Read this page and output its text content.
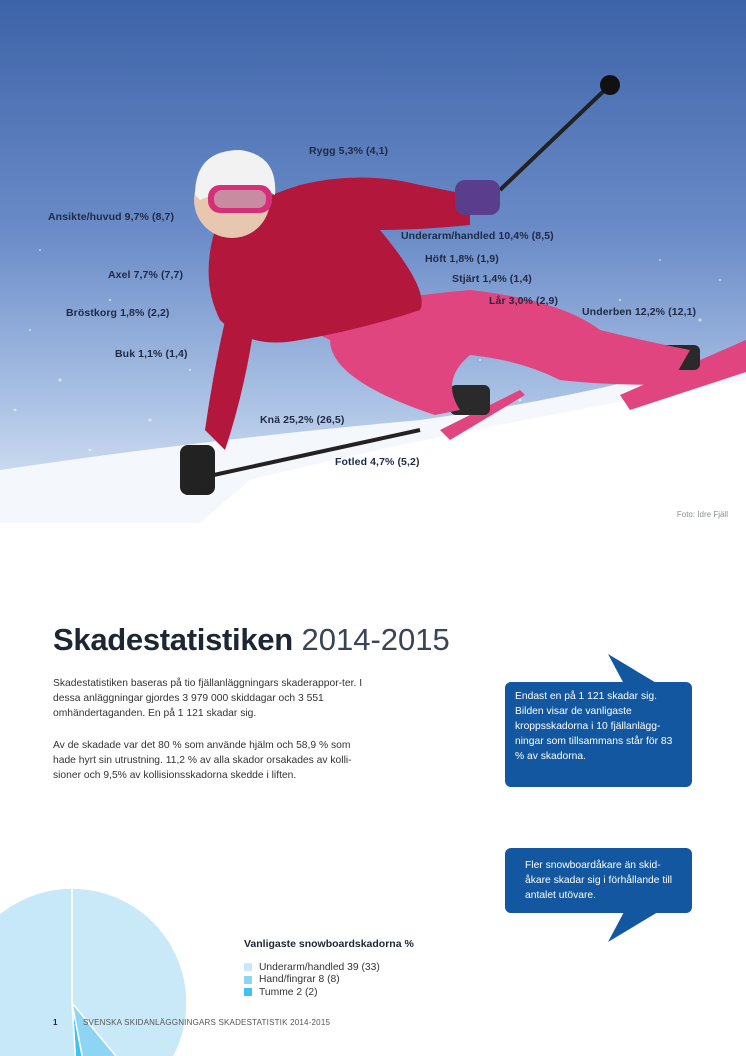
Rygg 5,3% (4,1)
Ansikte/huvud 9,7% (8,7)
Underarm/handled 10,4% (8,5)
Höft 1,8% (1,9)
Axel 7,7% (7,7)	Stjärt 1,4% (1,4)
Lår 3,0% (2,9)
Bröstkorg 1,8% (2,2)	Underben 12,2% (12,1)
Buk 1,1% (1,4)
Knä 25,2% (26,5)
Fotled 4,7% (5,2)
Foto: Idre Fjäll
Skadestatistiken 2014-2015

Skadestatistiken baseras på tio fjällanläggningars skaderappor-ter. I dessa anläggningar gjordes 3 979 000 skiddagar och 3 551 omhändertaganden. En på 1 121 skadar sig.

Av de skadade var det 80 % som använde hjälm och 58,9 % som hade hyrt sin utrustning. 11,2 % av alla skador orsakades av kolli-sioner och 9,5% av kollisionsskadorna skedde i liften.

Endast en på 1 121 skadar sig. Bilden visar de vanligaste kroppsskadorna i 10 fjällanlägg-ningar som tillsammans står för 83 % av skadorna.
Fler snowboardåkare än skid-åkare skadar sig i förhållande till antalet utövare.
Vanligaste snowboardskadorna %
Underarm/handled 39 (33)
Hand/fingrar 8 (8)
Tumme 2 (2)
1	SVENSKA SKIDANLÄGGNINGARS SKADESTATISTIK 2014-2015
